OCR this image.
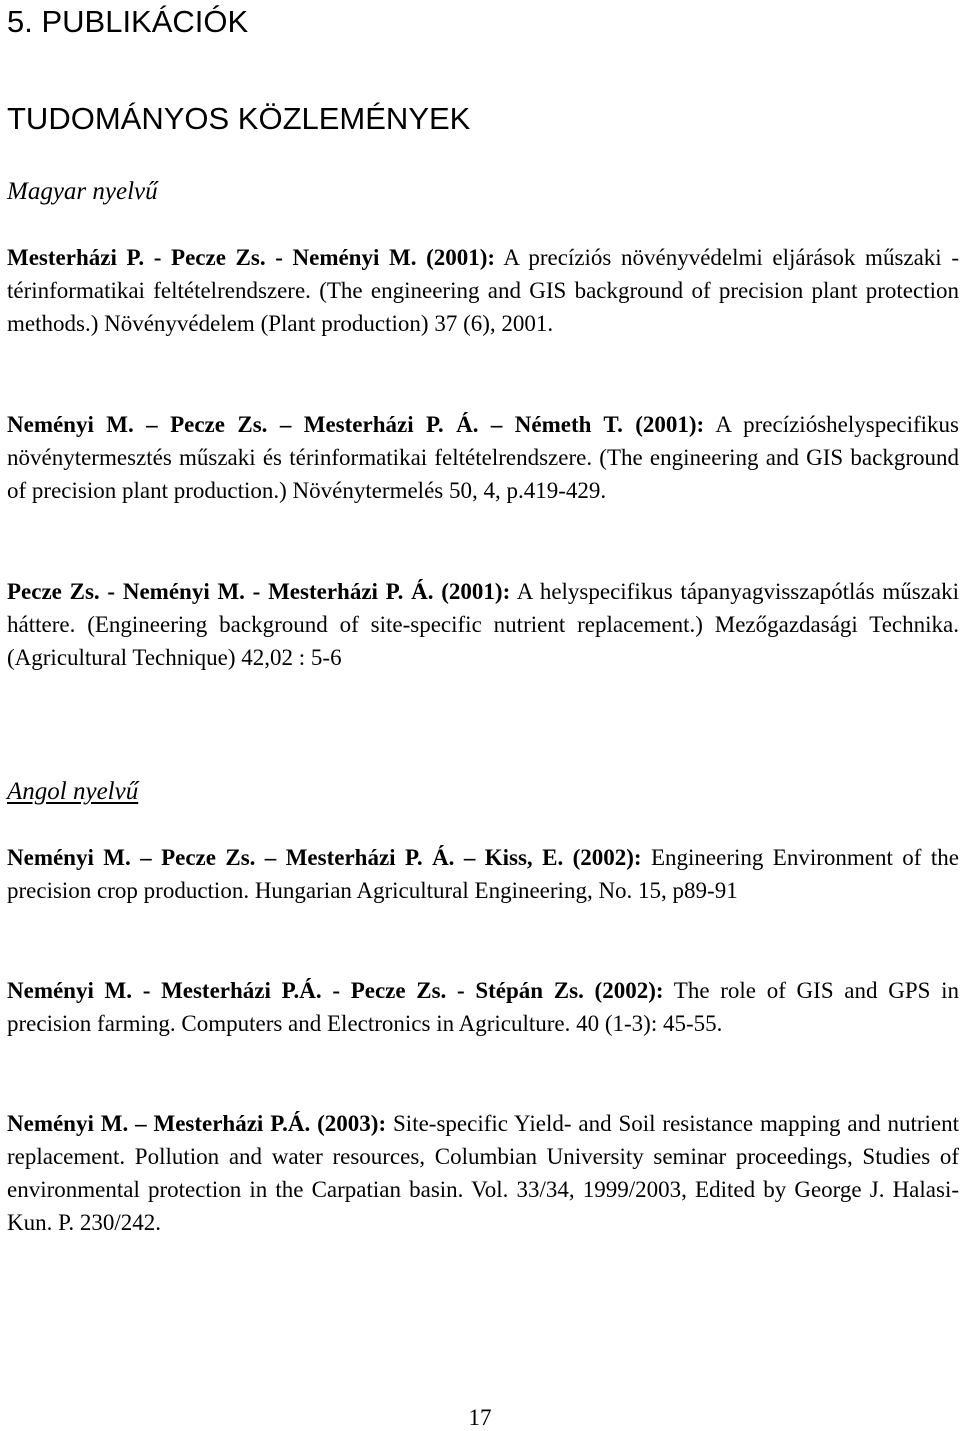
5. PUBLIKÁCIÓK
TUDOMÁNYOS KÖZLEMÉNYEK
Magyar nyelvű
Mesterházi P. - Pecze Zs. - Neményi M. (2001): A precíziós növényvédelmi eljárások műszaki -térinformatikai feltételrendszere. (The engineering and GIS background of precision plant protection methods.) Növényvédelem (Plant production) 37 (6), 2001.
Neményi M. – Pecze Zs. – Mesterházi P. Á. – Németh T. (2001): A precízióshelyspecifikus növénytermesztés műszaki és térinformatikai feltételrendszere. (The engineering and GIS background of precision plant production.) Növénytermelés 50, 4, p.419-429.
Pecze Zs. - Neményi M. - Mesterházi P. Á. (2001): A helyspecifikus tápanyagvisszapótlás műszaki háttere. (Engineering background of site-specific nutrient replacement.) Mezőgazdasági Technika.(Agricultural Technique) 42,02 : 5-6
Angol nyelvű
Neményi M. – Pecze Zs. – Mesterházi P. Á. – Kiss, E. (2002): Engineering Environment of the precision crop production. Hungarian Agricultural Engineering, No. 15, p89-91
Neményi M. - Mesterházi P.Á. - Pecze Zs. - Stépán Zs. (2002): The role of GIS and GPS in precision farming. Computers and Electronics in Agriculture. 40 (1-3): 45-55.
Neményi M. – Mesterházi P.Á. (2003): Site-specific Yield- and Soil resistance mapping and nutrient replacement. Pollution and water resources, Columbian University seminar proceedings, Studies of environmental protection in the Carpatian basin. Vol. 33/34, 1999/2003, Edited by George J. Halasi-Kun. P. 230/242.
17
